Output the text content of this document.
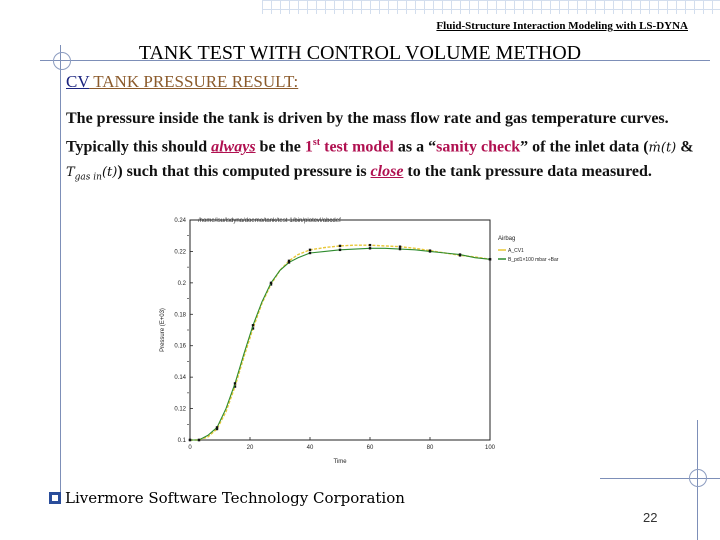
Fluid-Structure Interaction Modeling with LS-DYNA
TANK TEST WITH CONTROL VOLUME METHOD
CV TANK PRESSURE RESULT:
The pressure inside the tank is driven by the mass flow rate and gas temperature curves. Typically this should always be the 1st test model as a “sanity check” of the inlet data (ṁ(t) & $T_{gas in}(t)$) such that this computed pressure is close to the tank pressure data measured.
/home/lsu/lsdyna/doemo/tank/test-1/bin/plotcvl/abcdef
0	20	40	60	80	100
0.1
0.12
0.14
0.16
0.18
0.2
0.22
0.24
Time
Pressure (E+03)
Airbag
A_CV1
B_pd1×100 mbar ÷Bar
Livermore Software Technology Corporation
22
